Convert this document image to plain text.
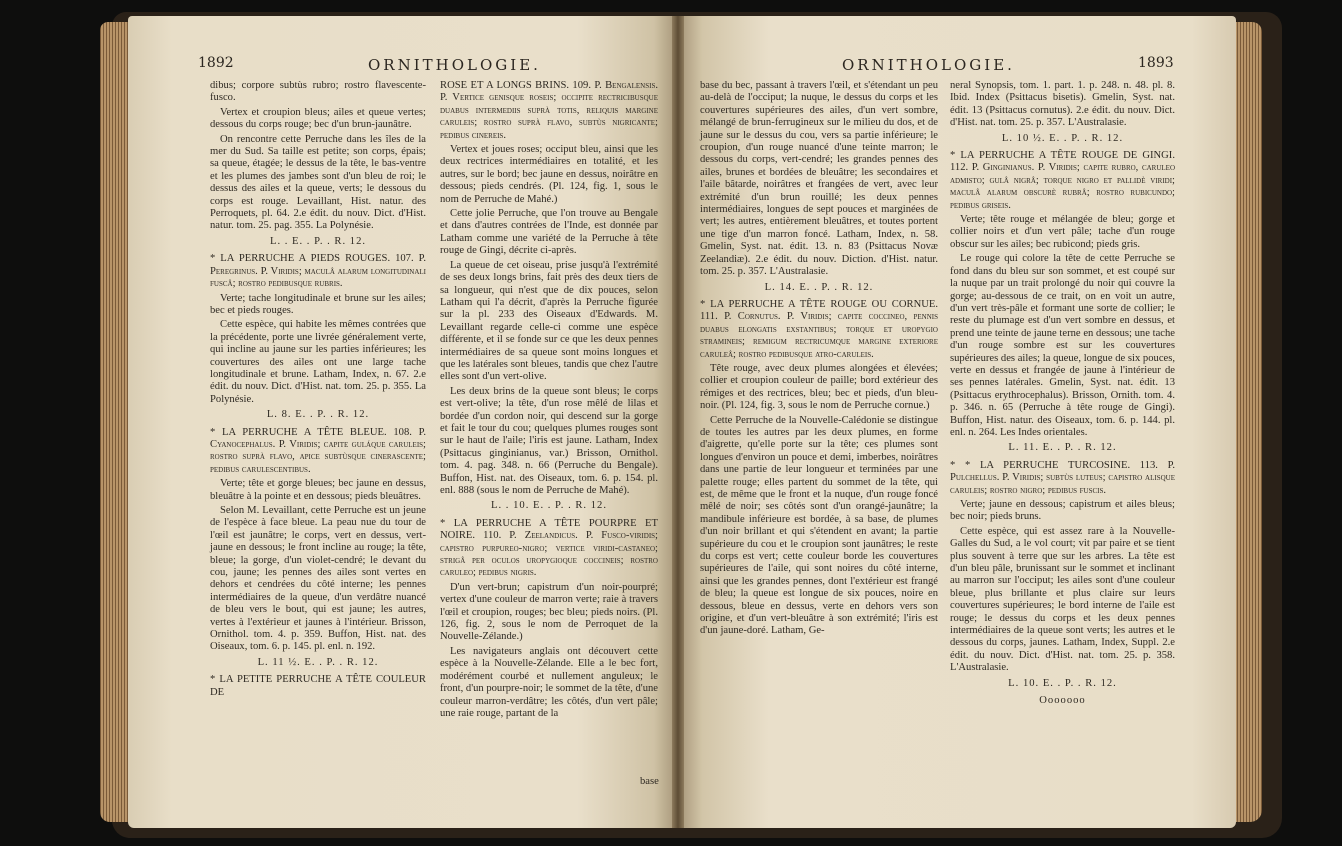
1892	ORNITHOLOGIE.	ORNITHOLOGIE.	1893

dibus; corpore subtùs rubro; rostro flavescente-fusco.

Vertex et croupion bleus; ailes et queue vertes; dessous du corps rouge; bec d'un brun-jaunâtre.

On rencontre cette Perruche dans les îles de la mer du Sud. Sa taille est petite; son corps, épais; sa queue, étagée; le dessus de la tête, le bas-ventre et les plumes des jambes sont d'un bleu de roi; le dessus des ailes et la queue, verts; le dessous du corps est rouge. Levaillant, Hist. natur. des Perroquets, pl. 64. 2.e édit. du nouv. Dict. d'Hist. natur. tom. 25. pag. 355. La Polynésie.

L. . E. . P. . R. 12.

* LA PERRUCHE A PIEDS ROUGES. 107. P. Peregrinus. P. Viridis; maculâ alarum longitudinali fuscâ; rostro pedibusque rubris.

Verte; tache longitudinale et brune sur les ailes; bec et pieds rouges.

Cette espèce, qui habite les mêmes contrées que la précédente, porte une livrée généralement verte, qui incline au jaune sur les parties inférieures; les couvertures des ailes ont une large tache longitudinale et brune. Latham, Index, n. 67. 2.e édit. du nouv. Dict. d'Hist. nat. tom. 25. p. 355. La Polynésie.

L. 8. E. . P. . R. 12.

* LA PERRUCHE A TÊTE BLEUE. 108. P. Cyanocephalus. P. Viridis; capite guláque caruleis; rostro suprà flavo, apice subtùsque cinerascente; pedibus carulescentibus.

Verte; tête et gorge bleues; bec jaune en dessus, bleuâtre à la pointe et en dessous; pieds bleuâtres.

Selon M. Levaillant, cette Perruche est un jeune de l'espèce à face bleue. La peau nue du tour de l'œil est jaunâtre; le corps, vert en dessus, vert-jaune en dessous; le front incline au rouge; la tête, bleue; la gorge, d'un violet-cendré; le devant du cou, jaune; les pennes des ailes sont vertes en dehors et cendrées du côté interne; les pennes intermédiaires de la queue, d'un verdâtre nuancé de bleu vers le bout, qui est jaune; les autres, vertes à l'extérieur et jaunes à l'intérieur. Brisson, Ornithol. tom. 4. p. 359. Buffon, Hist. nat. des Oiseaux, tom. 6. p. 145. pl. enl. n. 192.

L. 11 ½. E. . P. . R. 12.

* LA PETITE PERRUCHE A TÊTE COULEUR DE

ROSE ET A LONGS BRINS. 109. P. Bengalensis. P. Vertice genisque roseis; occipite rectricibusque duabus intermediis suprà totis, reliquis margine caruleis; rostro suprà flavo, subtùs nigricante; pedibus cinereis.

Vertex et joues roses; occiput bleu, ainsi que les deux rectrices intermédiaires en totalité, et les autres, sur le bord; bec jaune en dessus, noirâtre en dessous; pieds cendrés. (Pl. 124, fig. 1, sous le nom de Perruche de Mahé.)

Cette jolie Perruche, que l'on trouve au Bengale et dans d'autres contrées de l'Inde, est donnée par Latham comme une variété de la Perruche à tête rouge de Gingi, décrite ci-après.

La queue de cet oiseau, prise jusqu'à l'extrémité de ses deux longs brins, fait près des deux tiers de sa longueur, qui n'est que de dix pouces, selon Latham qui l'a décrit, d'après la Perruche figurée sur la pl. 233 des Oiseaux d'Edwards. M. Levaillant regarde celle-ci comme une espèce différente, et il se fonde sur ce que les deux pennes intermédiaires de sa queue sont moins longues et que les latérales sont bleues, tandis que chez l'autre elles sont d'un vert-olive.

Les deux brins de la queue sont bleus; le corps est vert-olive; la tête, d'un rose mêlé de lilas et bordée d'un cordon noir, qui descend sur la gorge et fait le tour du cou; quelques plumes rouges sont sur le haut de l'aile; l'iris est jaune. Latham, Index (Psittacus ginginianus, var.) Brisson, Ornithol. tom. 4. pag. 348. n. 66 (Perruche du Bengale). Buffon, Hist. nat. des Oiseaux, tom. 6. p. 154. pl. enl. 888 (sous le nom de Perruche de Mahé).

L. . 10. E. . P. . R. 12.

* LA PERRUCHE A TÊTE POURPRE ET NOIRE. 110. P. Zeelandicus. P. Fusco-viridis; capistro purpureo-nigro; vertice viridi-castaneo; strigâ per oculos uropygioque coccineis; rostro caruleo; pedibus nigris.

D'un vert-brun; capistrum d'un noir-pourpré; vertex d'une couleur de marron verte; raie à travers l'œil et croupion, rouges; bec bleu; pieds noirs. (Pl. 126, fig. 2, sous le nom de Perroquet de la Nouvelle-Zélande.)

Les navigateurs anglais ont découvert cette espèce à la Nouvelle-Zélande. Elle a le bec fort, modérément courbé et nullement anguleux; le front, d'un pourpre-noir; le sommet de la tête, d'une couleur marron-verdâtre; les côtés, d'un vert pâle; une raie rouge, partant de la

base du bec, passant à travers l'œil, et s'étendant un peu au-delà de l'occiput; la nuque, le dessus du corps et les couvertures supérieures des ailes, d'un vert sombre, mélangé de brun-ferrugineux sur le milieu du dos, et de jaune sur le dessus du cou, vers sa partie inférieure; le croupion, d'un rouge nuancé d'une teinte marron; le dessous du corps, vert-cendré; les grandes pennes des ailes, brunes et bordées de bleuâtre; les secondaires et l'aile bâtarde, noirâtres et frangées de vert, avec leur extrémité d'un brun rouillé; les deux pennes intermédiaires, longues de sept pouces et marginées de vert; les autres, entièrement bleuâtres, et toutes portent une tige d'un marron foncé. Latham, Index, n. 58. Gmelin, Syst. nat. édit. 13. n. 83 (Psittacus Novæ Zeelandiæ). 2.e édit. du nouv. Diction. d'Hist. natur. tom. 25. p. 357. L'Australasie.

L. 14. E. . P. . R. 12.

* LA PERRUCHE A TÊTE ROUGE OU CORNUE. 111. P. Cornutus. P. Viridis; capite coccineo, pennis duabus elongatis exstantibus; torque et uropygio stramineis; remigum rectricumque margine exteriore caruleâ; rostro pedibusque atro-caruleis.

Tête rouge, avec deux plumes alongées et élevées; collier et croupion couleur de paille; bord extérieur des rémiges et des rectrices, bleu; bec et pieds, d'un bleu-noir. (Pl. 124, fig. 3, sous le nom de Perruche cornue.)

Cette Perruche de la Nouvelle-Calédonie se distingue de toutes les autres par les deux plumes, en forme d'aigrette, qu'elle porte sur la tête; ces plumes sont longues d'environ un pouce et demi, imberbes, noirâtres dans une partie de leur longueur et terminées par une palette rouge; elles partent du sommet de la tête, qui est, de même que le front et la nuque, d'un rouge foncé mêlé de noir; ses côtés sont d'un orangé-jaunâtre; la mandibule inférieure est bordée, à sa base, de plumes d'un noir brillant et qui s'étendent en avant; la partie supérieure du cou et le croupion sont jaunâtres; le reste du corps est vert; cette couleur borde les couvertures supérieures de l'aile, qui sont noires du côté interne, ainsi que les grandes pennes, dont l'extérieur est frangé de bleu; la queue est longue de six pouces, noire en dessous, bleue en dessus, verte en dehors vers son origine, et d'un vert-bleuâtre à son extrémité; l'iris est d'un jaune-doré. Latham, Ge-

neral Synopsis, tom. 1. part. 1. p. 248. n. 48. pl. 8. Ibid. Index (Psittacus bisetis). Gmelin, Syst. nat. édit. 13 (Psittacus cornutus). 2.e édit. du nouv. Dict. d'Hist. nat. tom. 25. p. 357. L'Australasie.

L. 10 ½. E. . P. . R. 12.

* LA PERRUCHE A TÊTE ROUGE DE GINGI. 112. P. Ginginianus. P. Viridis; capite rubro, caruleo admisto; gulâ nigrâ; torque nigro et pallidè viridi; maculâ alarum obscurè rubrâ; rostro rubicundo; pedibus griseis.

Verte; tête rouge et mélangée de bleu; gorge et collier noirs et d'un vert pâle; tache d'un rouge obscur sur les ailes; bec rubicond; pieds gris.

Le rouge qui colore la tête de cette Perruche se fond dans du bleu sur son sommet, et est coupé sur la nuque par un trait prolongé du noir qui couvre la gorge; au-dessous de ce trait, on en voit un autre, d'un vert très-pâle et formant une sorte de collier; le reste du plumage est d'un vert sombre en dessus, et prend une teinte de jaune terne en dessous; une tache d'un rouge sombre est sur les couvertures supérieures des ailes; la queue, longue de six pouces, verte en dessus et frangée de jaune à l'intérieur de ses pennes latérales. Gmelin, Syst. nat. édit. 13 (Psittacus erythrocephalus). Brisson, Ornith. tom. 4. p. 346. n. 65 (Perruche à tête rouge de Gingi). Buffon, Hist. natur. des Oiseaux, tom. 6. p. 144. pl. enl. n. 264. Les Indes orientales.

L. 11. E. . P. . R. 12.

* * LA PERRUCHE TURCOSINE. 113. P. Pulchellus. P. Viridis; subtùs luteus; capistro alisque caruleis; rostro nigro; pedibus fuscis.

Verte; jaune en dessous; capistrum et ailes bleus; bec noir; pieds bruns.

Cette espèce, qui est assez rare à la Nouvelle-Galles du Sud, a le vol court; vit par paire et se tient plus souvent à terre que sur les arbres. La tête est d'un bleu pâle, brunissant sur le sommet et inclinant au marron sur l'occiput; les ailes sont d'une couleur bleue, plus brillante et plus claire sur leurs couvertures supérieures; le bord interne de l'aile est rouge; le dessus du corps et les deux pennes intermédiaires de la queue sont verts; les autres et le dessous du corps, jaunes. Latham, Index, Suppl. 2.e édit. du nouv. Dict. d'Hist. nat. tom. 25. p. 358. L'Australasie.

L. 10. E. . P. . R. 12.

Ooooooo

base
